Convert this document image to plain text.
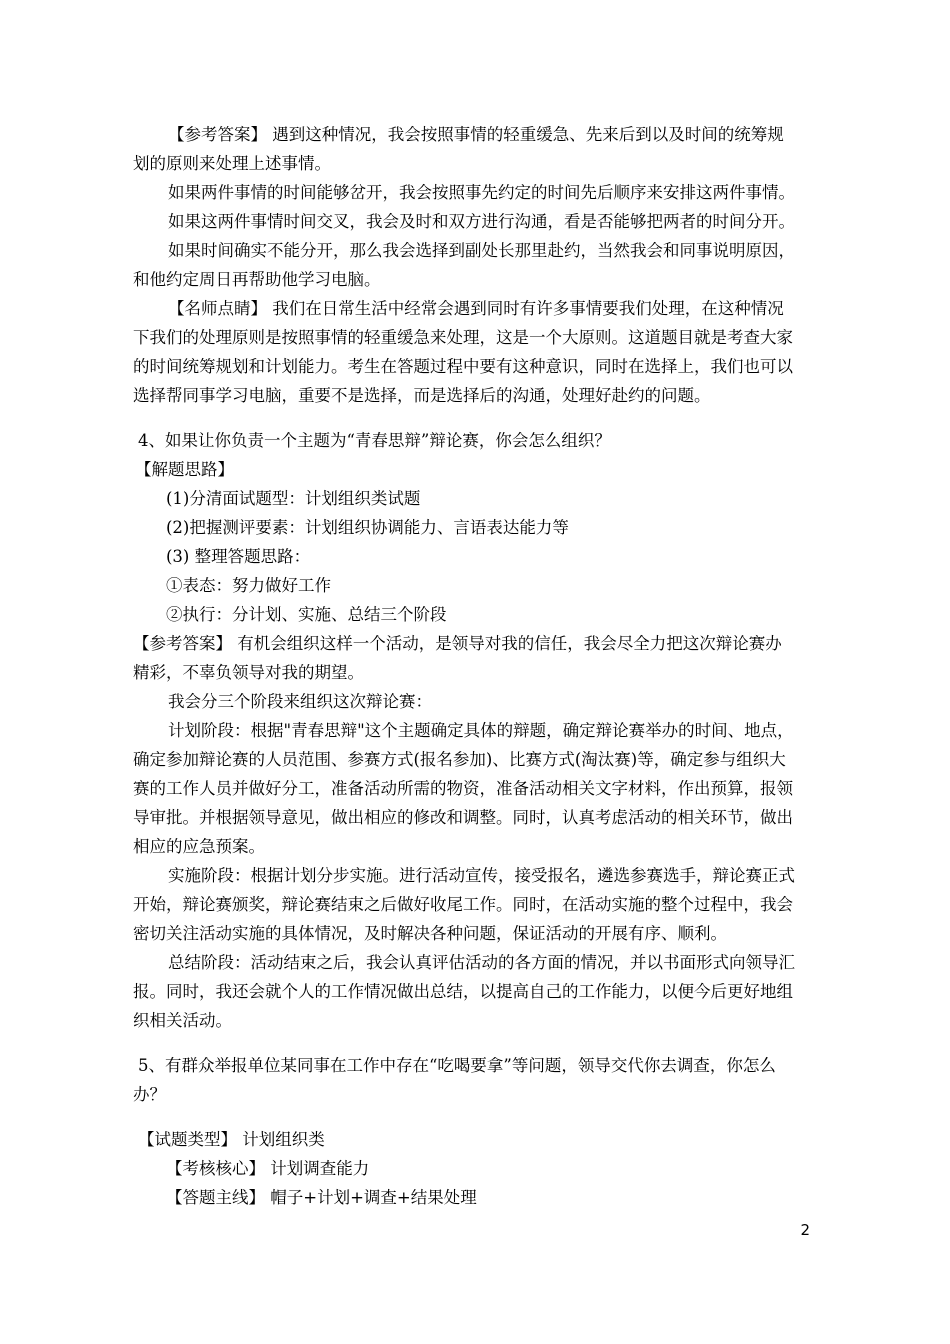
【参考答案】 遇到这种情况，我会按照事情的轻重缓急、先来后到以及时间的统筹规
划的原则来处理上述事情。
如果两件事情的时间能够岔开，我会按照事先约定的时间先后顺序来安排这两件事情。
如果这两件事情时间交叉，我会及时和双方进行沟通，看是否能够把两者的时间分开。
如果时间确实不能分开，那么我会选择到副处长那里赴约，当然我会和同事说明原因，
和他约定周日再帮助他学习电脑。
【名师点睛】 我们在日常生活中经常会遇到同时有许多事情要我们处理，在这种情况
下我们的处理原则是按照事情的轻重缓急来处理，这是一个大原则。这道题目就是考查大家
的时间统筹规划和计划能力。考生在答题过程中要有这种意识，同时在选择上，我们也可以
选择帮同事学习电脑，重要不是选择，而是选择后的沟通，处理好赴约的问题。
4、如果让你负责一个主题为“青春思辩”辩论赛，你会怎么组织？
【解题思路】
(1)分清面试题型：计划组织类试题
(2)把握测评要素：计划组织协调能力、言语表达能力等
(3) 整理答题思路：
①表态：努力做好工作
②执行：分计划、实施、总结三个阶段
【参考答案】 有机会组织这样一个活动，是领导对我的信任，我会尽全力把这次辩论赛办
精彩，不辜负领导对我的期望。
我会分三个阶段来组织这次辩论赛：
计划阶段：根据"青春思辩"这个主题确定具体的辩题，确定辩论赛举办的时间、地点，
确定参加辩论赛的人员范围、参赛方式(报名参加)、比赛方式(淘汰赛)等，确定参与组织大
赛的工作人员并做好分工，准备活动所需的物资，准备活动相关文字材料，作出预算，报领
导审批。并根据领导意见，做出相应的修改和调整。同时，认真考虑活动的相关环节，做出
相应的应急预案。
实施阶段：根据计划分步实施。进行活动宣传，接受报名，遴选参赛选手，辩论赛正式
开始，辩论赛颁奖，辩论赛结束之后做好收尾工作。同时，在活动实施的整个过程中，我会
密切关注活动实施的具体情况，及时解决各种问题，保证活动的开展有序、顺利。
总结阶段：活动结束之后，我会认真评估活动的各方面的情况，并以书面形式向领导汇
报。同时，我还会就个人的工作情况做出总结，以提高自己的工作能力，以便今后更好地组
织相关活动。
5、有群众举报单位某同事在工作中存在“吃喝要拿”等问题，领导交代你去调查，你怎么
办？
【试题类型】 计划组织类
【考核核心】 计划调查能力
【答题主线】 帽子+计划+调查+结果处理
2
